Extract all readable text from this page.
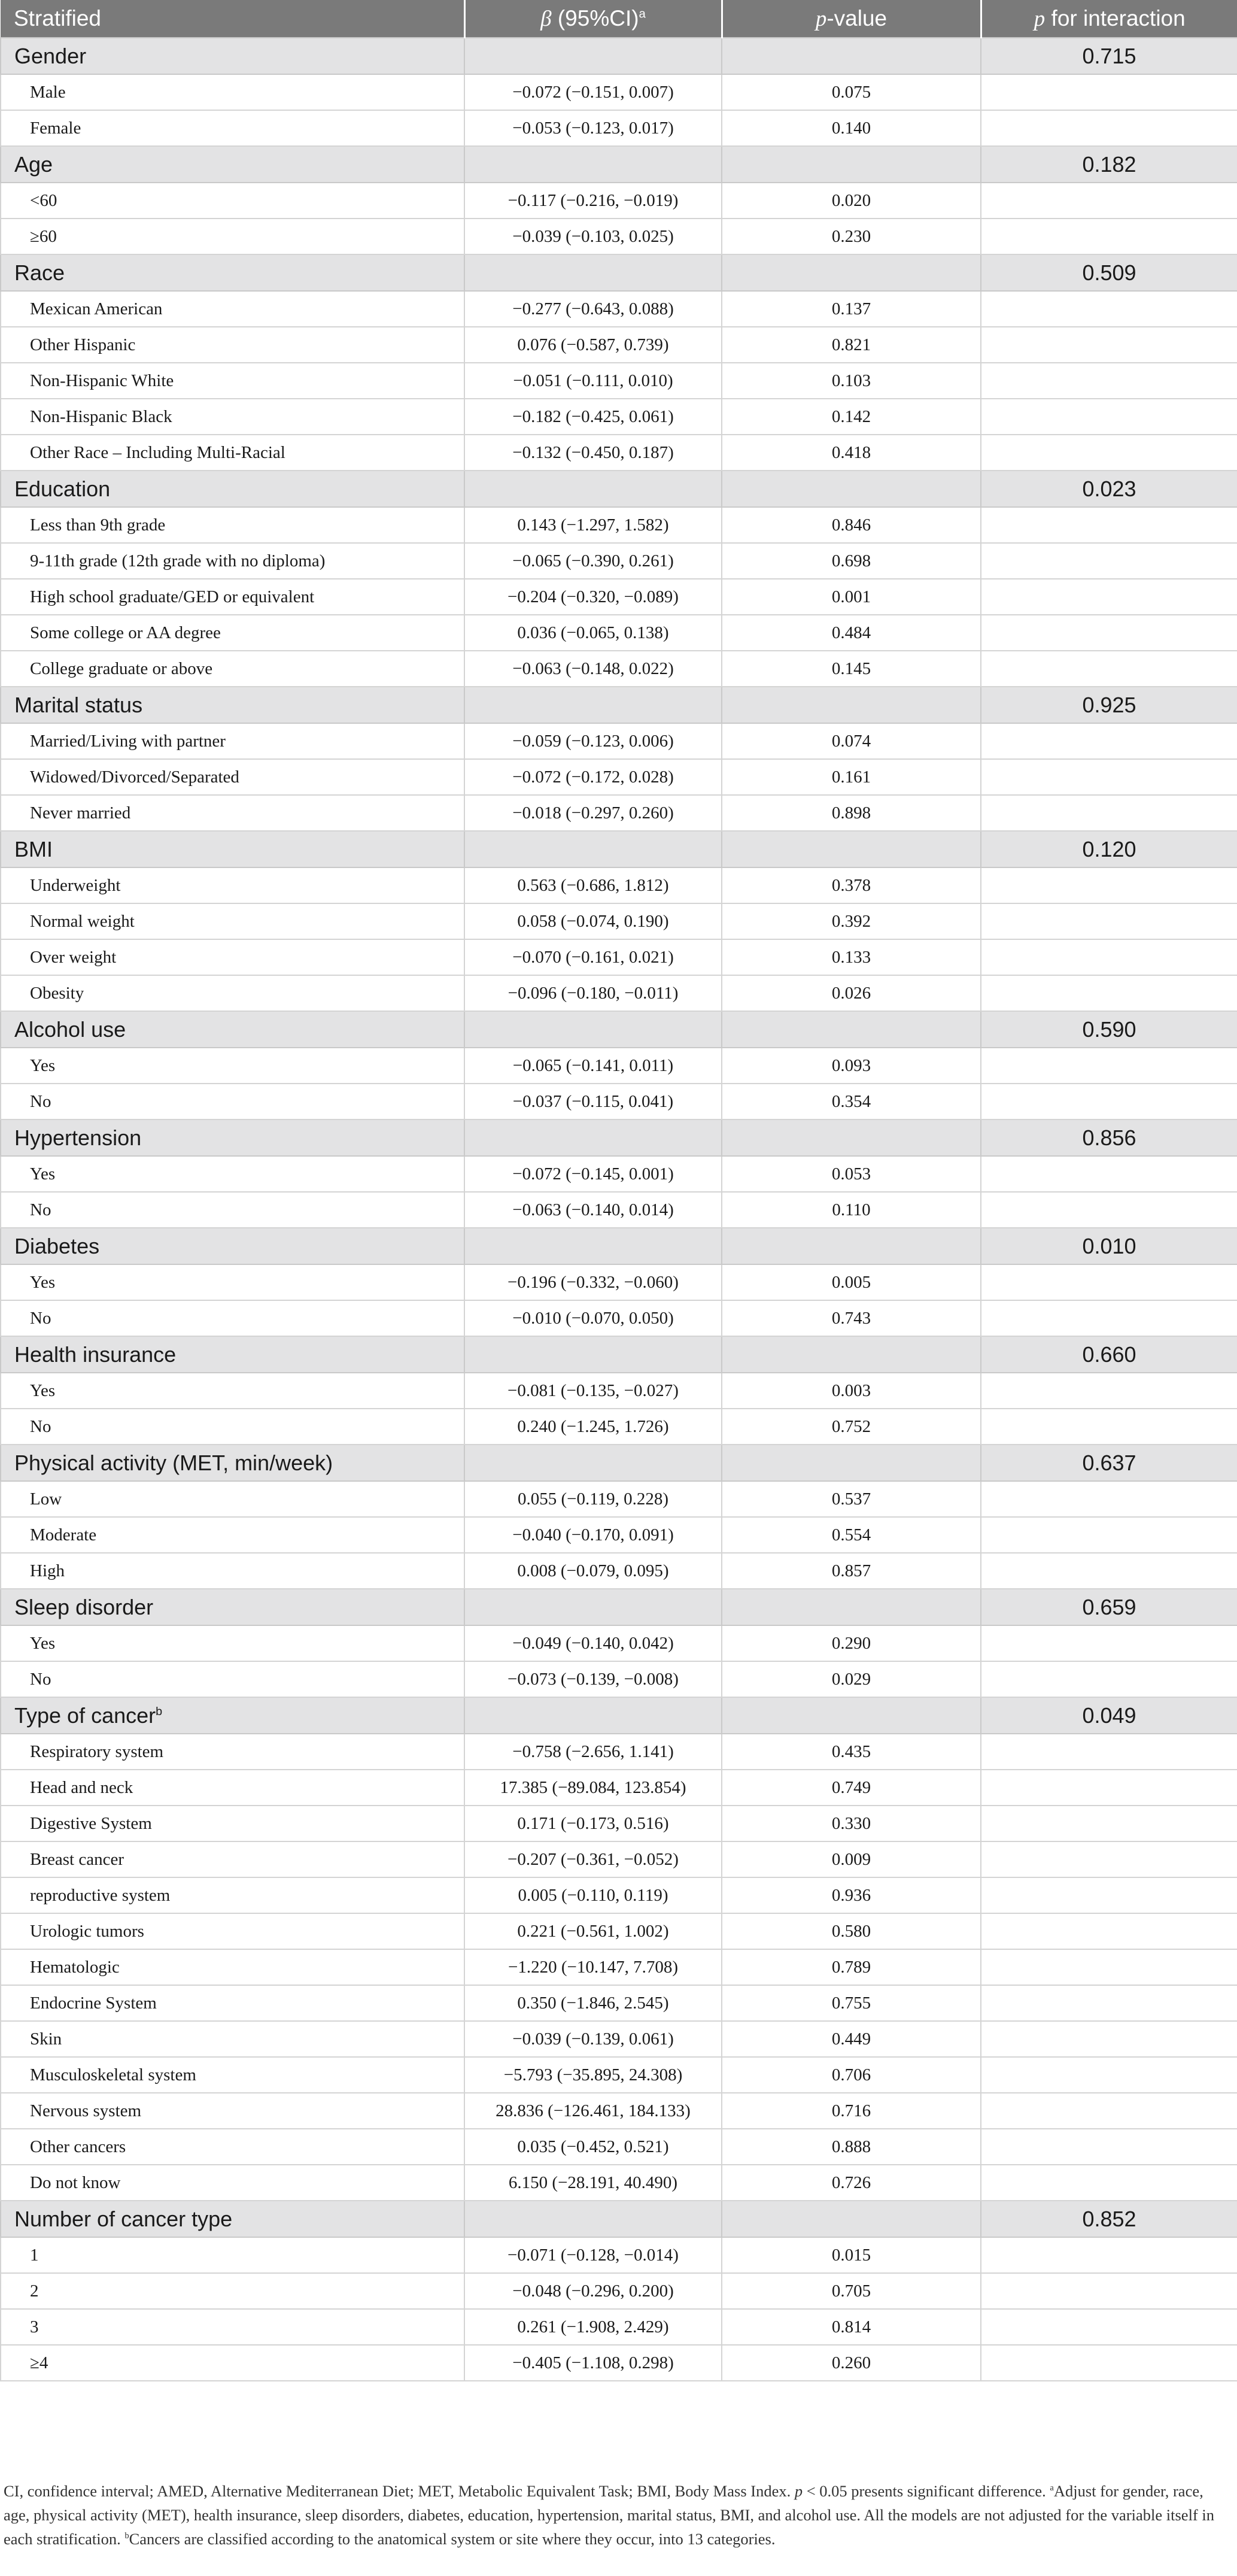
Stratified	β $(95\%CI)^a$	p-value	p for interaction
Gender			0.715
Male	−0.072 (−0.151, 0.007)	0.075	
Female	−0.053 (−0.123, 0.017)	0.140	
Age			0.182
<60	−0.117 (−0.216, −0.019)	0.020	
≥60	−0.039 (−0.103, 0.025)	0.230	
Race			0.509
Mexican American	−0.277 (−0.643, 0.088)	0.137	
Other Hispanic	0.076 (−0.587, 0.739)	0.821	
Non-Hispanic White	−0.051 (−0.111, 0.010)	0.103	
Non-Hispanic Black	−0.182 (−0.425, 0.061)	0.142	
Other Race – Including Multi-Racial	−0.132 (−0.450, 0.187)	0.418	
Education			0.023
Less than 9th grade	0.143 (−1.297, 1.582)	0.846	
9-11th grade (12th grade with no diploma)	−0.065 (−0.390, 0.261)	0.698	
High school graduate/GED or equivalent	−0.204 (−0.320, −0.089)	0.001	
Some college or AA degree	0.036 (−0.065, 0.138)	0.484	
College graduate or above	−0.063 (−0.148, 0.022)	0.145	
Marital status			0.925
Married/Living with partner	−0.059 (−0.123, 0.006)	0.074	
Widowed/Divorced/Separated	−0.072 (−0.172, 0.028)	0.161	
Never married	−0.018 (−0.297, 0.260)	0.898	
BMI			0.120
Underweight	0.563 (−0.686, 1.812)	0.378	
Normal weight	0.058 (−0.074, 0.190)	0.392	
Over weight	−0.070 (−0.161, 0.021)	0.133	
Obesity	−0.096 (−0.180, −0.011)	0.026	
Alcohol use			0.590
Yes	−0.065 (−0.141, 0.011)	0.093	
No	−0.037 (−0.115, 0.041)	0.354	
Hypertension			0.856
Yes	−0.072 (−0.145, 0.001)	0.053	
No	−0.063 (−0.140, 0.014)	0.110	
Diabetes			0.010
Yes	−0.196 (−0.332, −0.060)	0.005	
No	−0.010 (−0.070, 0.050)	0.743	
Health insurance			0.660
Yes	−0.081 (−0.135, −0.027)	0.003	
No	0.240 (−1.245, 1.726)	0.752	
Physical activity (MET, min/week)			0.637
Low	0.055 (−0.119, 0.228)	0.537	
Moderate	−0.040 (−0.170, 0.091)	0.554	
High	0.008 (−0.079, 0.095)	0.857	
Sleep disorder			0.659
Yes	−0.049 (−0.140, 0.042)	0.290	
No	−0.073 (−0.139, −0.008)	0.029	
Type of cancer$^b$			0.049
Respiratory system	−0.758 (−2.656, 1.141)	0.435	
Head and neck	17.385 (−89.084, 123.854)	0.749	
Digestive System	0.171 (−0.173, 0.516)	0.330	
Breast cancer	−0.207 (−0.361, −0.052)	0.009	
reproductive system	0.005 (−0.110, 0.119)	0.936	
Urologic tumors	0.221 (−0.561, 1.002)	0.580	
Hematologic	−1.220 (−10.147, 7.708)	0.789	
Endocrine System	0.350 (−1.846, 2.545)	0.755	
Skin	−0.039 (−0.139, 0.061)	0.449	
Musculoskeletal system	−5.793 (−35.895, 24.308)	0.706	
Nervous system	28.836 (−126.461, 184.133)	0.716	
Other cancers	0.035 (−0.452, 0.521)	0.888	
Do not know	6.150 (−28.191, 40.490)	0.726	
Number of cancer type			0.852
1	−0.071 (−0.128, −0.014)	0.015	
2	−0.048 (−0.296, 0.200)	0.705	
3	0.261 (−1.908, 2.429)	0.814	
≥4	−0.405 (−1.108, 0.298)	0.260	
CI, confidence interval; AMED, Alternative Mediterranean Diet; MET, Metabolic Equivalent Task; BMI, Body Mass Index. p < 0.05 presents significant difference. $^a$Adjust for gender, race, age, physical activity (MET), health insurance, sleep disorders, diabetes, education, hypertension, marital status, BMI, and alcohol use. All the models are not adjusted for the variable itself in each stratification. $^b$Cancers are classified according to the anatomical system or site where they occur, into 13 categories.
